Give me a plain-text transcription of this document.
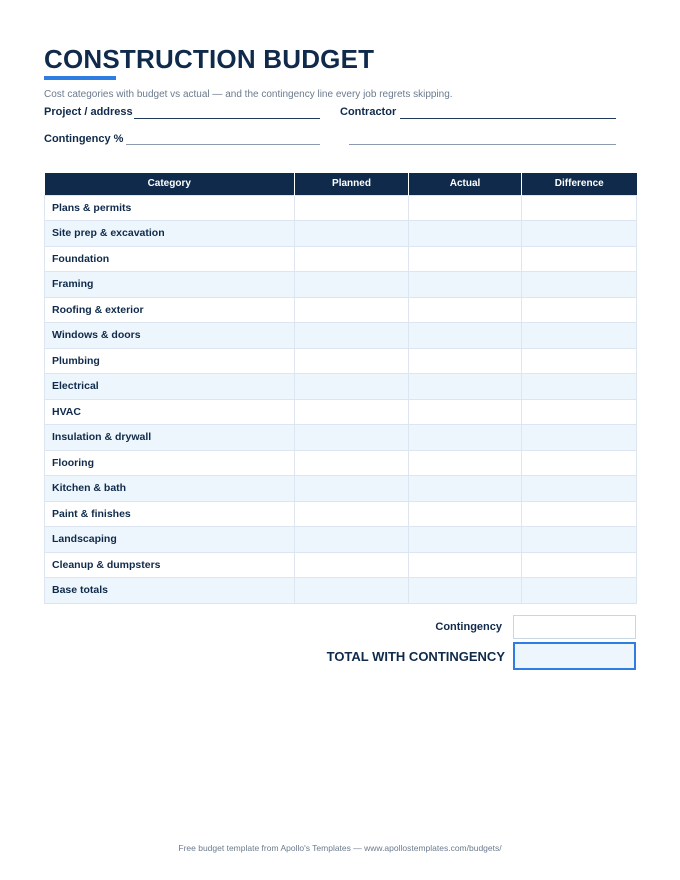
CONSTRUCTION BUDGET
Cost categories with budget vs actual — and the contingency line every job regrets skipping.
Project / address	Contractor
Contingency %
Category	Planned	Actual	Difference
Plans & permits			
Site prep & excavation			
Foundation			
Framing			
Roofing & exterior			
Windows & doors			
Plumbing			
Electrical			
HVAC			
Insulation & drywall			
Flooring			
Kitchen & bath			
Paint & finishes			
Landscaping			
Cleanup & dumpsters			
Base totals			
Contingency
TOTAL WITH CONTINGENCY
Free budget template from Apollo's Templates — www.apollostemplates.com/budgets/
